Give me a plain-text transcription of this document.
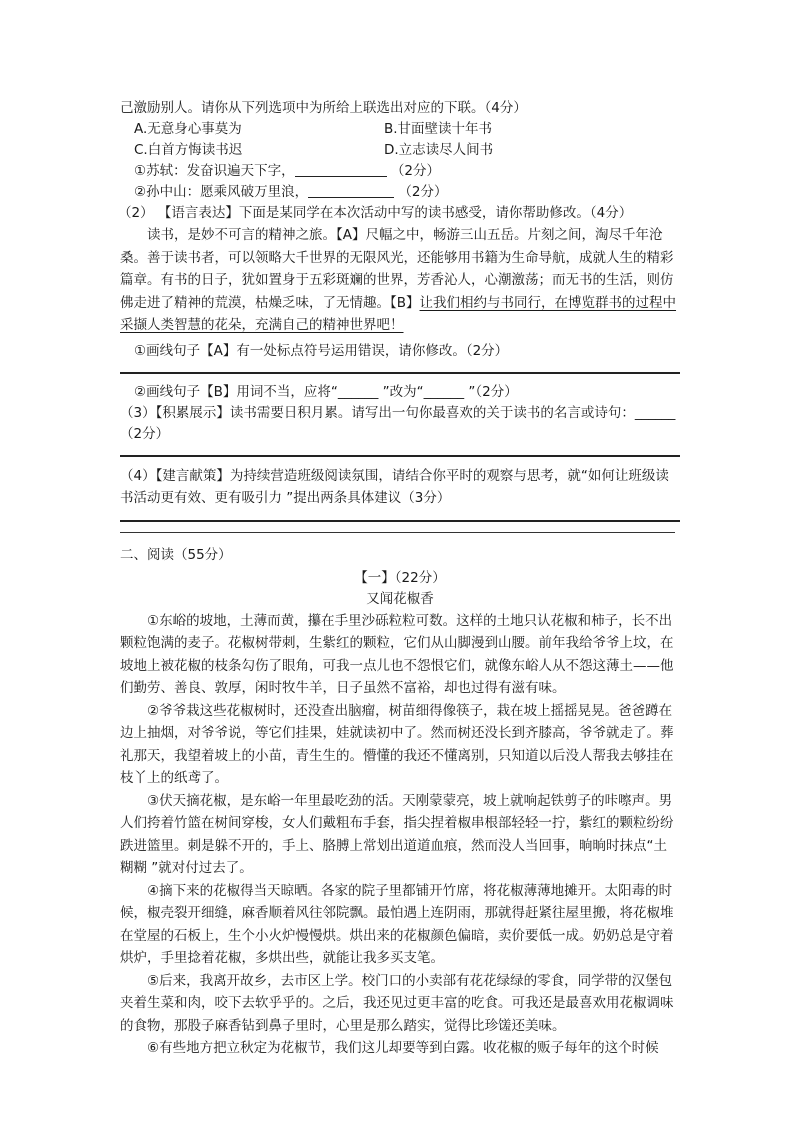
己激励别人。请你从下列选项中为所给上联选出对应的下联。（4分）
A.无意身心事莫为	B.甘面壁读十年书
C.白首方悔读书迟	D.立志读尽人间书
①苏轼：发奋识遍天下字，	（2分）
②孙中山：愿乘风破万里浪，	（2分）
（2） 【语言表达】下面是某同学在本次活动中写的读书感受，请你帮助修改。（4分）
读书，是妙不可言的精神之旅。【A】尺幅之中，畅游三山五岳。片刻之间，淘尽千年沧桑。善于读书者，可以领略大千世界的无限风光，还能够用书籍为生命导航，成就人生的精彩篇章。有书的日子，犹如置身于五彩斑斓的世界，芳香沁人，心潮激荡；而无书的生活，则仿佛走进了精神的荒漠，枯燥乏味，了无情趣。【B】让我们相约与书同行，在博览群书的过程中采撷人类智慧的花朵，充满自己的精神世界吧！
①画线句子【A】有一处标点符号运用错误，请你修改。（2分）
②画线句子【B】用词不当，应将“______ ”改为“______ ”（2分）
（3）【积累展示】读书需要日积月累。请写出一句你最喜欢的关于读书的名言或诗句：______
（2分）
（4）【建言献策】为持续营造班级阅读氛围，请结合你平时的观察与思考，就“如何让班级读书活动更有效、更有吸引力 ”提出两条具体建议（3分）
二、阅读（55分）
【一】（22分）
又闻花椒香
①东峪的坡地，土薄而黄，攥在手里沙砾粒粒可数。这样的土地只认花椒和柿子，长不出颗粒饱满的麦子。花椒树带刺，生紫红的颗粒，它们从山脚漫到山腰。前年我给爷爷上坟，在坡地上被花椒的枝条勾伤了眼角，可我一点儿也不怨恨它们，就像东峪人从不怨这薄土——他们勤劳、善良、敦厚，闲时牧牛羊，日子虽然不富裕，却也过得有滋有味。
②爷爷栽这些花椒树时，还没查出脑瘤，树苗细得像筷子，栽在坡上摇摇晃晃。爸爸蹲在边上抽烟，对爷爷说，等它们挂果，娃就读初中了。然而树还没长到齐膝高，爷爷就走了。葬礼那天，我望着坡上的小苗，青生生的。懵懂的我还不懂离别，只知道以后没人帮我去够挂在枝丫上的纸鸢了。
③伏天摘花椒，是东峪一年里最吃劲的活。天刚蒙蒙亮，坡上就响起铁剪子的咔嚓声。男人们挎着竹篮在树间穿梭，女人们戴粗布手套，指尖捏着椒串根部轻轻一拧，紫红的颗粒纷纷跌进篮里。刺是躲不开的，手上、胳膊上常划出道道血痕，然而没人当回事，晌晌时抹点“土糊糊 ”就对付过去了。
④摘下来的花椒得当天晾晒。各家的院子里都铺开竹席，将花椒薄薄地摊开。太阳毒的时候，椒壳裂开细缝，麻香顺着风往邻院飘。最怕遇上连阴雨，那就得赶紧往屋里搬，将花椒堆在堂屋的石板上，生个小火炉慢慢烘。烘出来的花椒颜色偏暗，卖价要低一成。奶奶总是守着烘炉，手里捻着花椒，多烘出些，就能让我多买支笔。
⑤后来，我离开故乡，去市区上学。校门口的小卖部有花花绿绿的零食，同学带的汉堡包夹着生菜和肉，咬下去软乎乎的。之后，我还见过更丰富的吃食。可我还是最喜欢用花椒调味的食物，那股子麻香钻到鼻子里时，心里是那么踏实，觉得比珍馐还美味。
⑥有些地方把立秋定为花椒节，我们这儿却要等到白露。收花椒的贩子每年的这个时候
